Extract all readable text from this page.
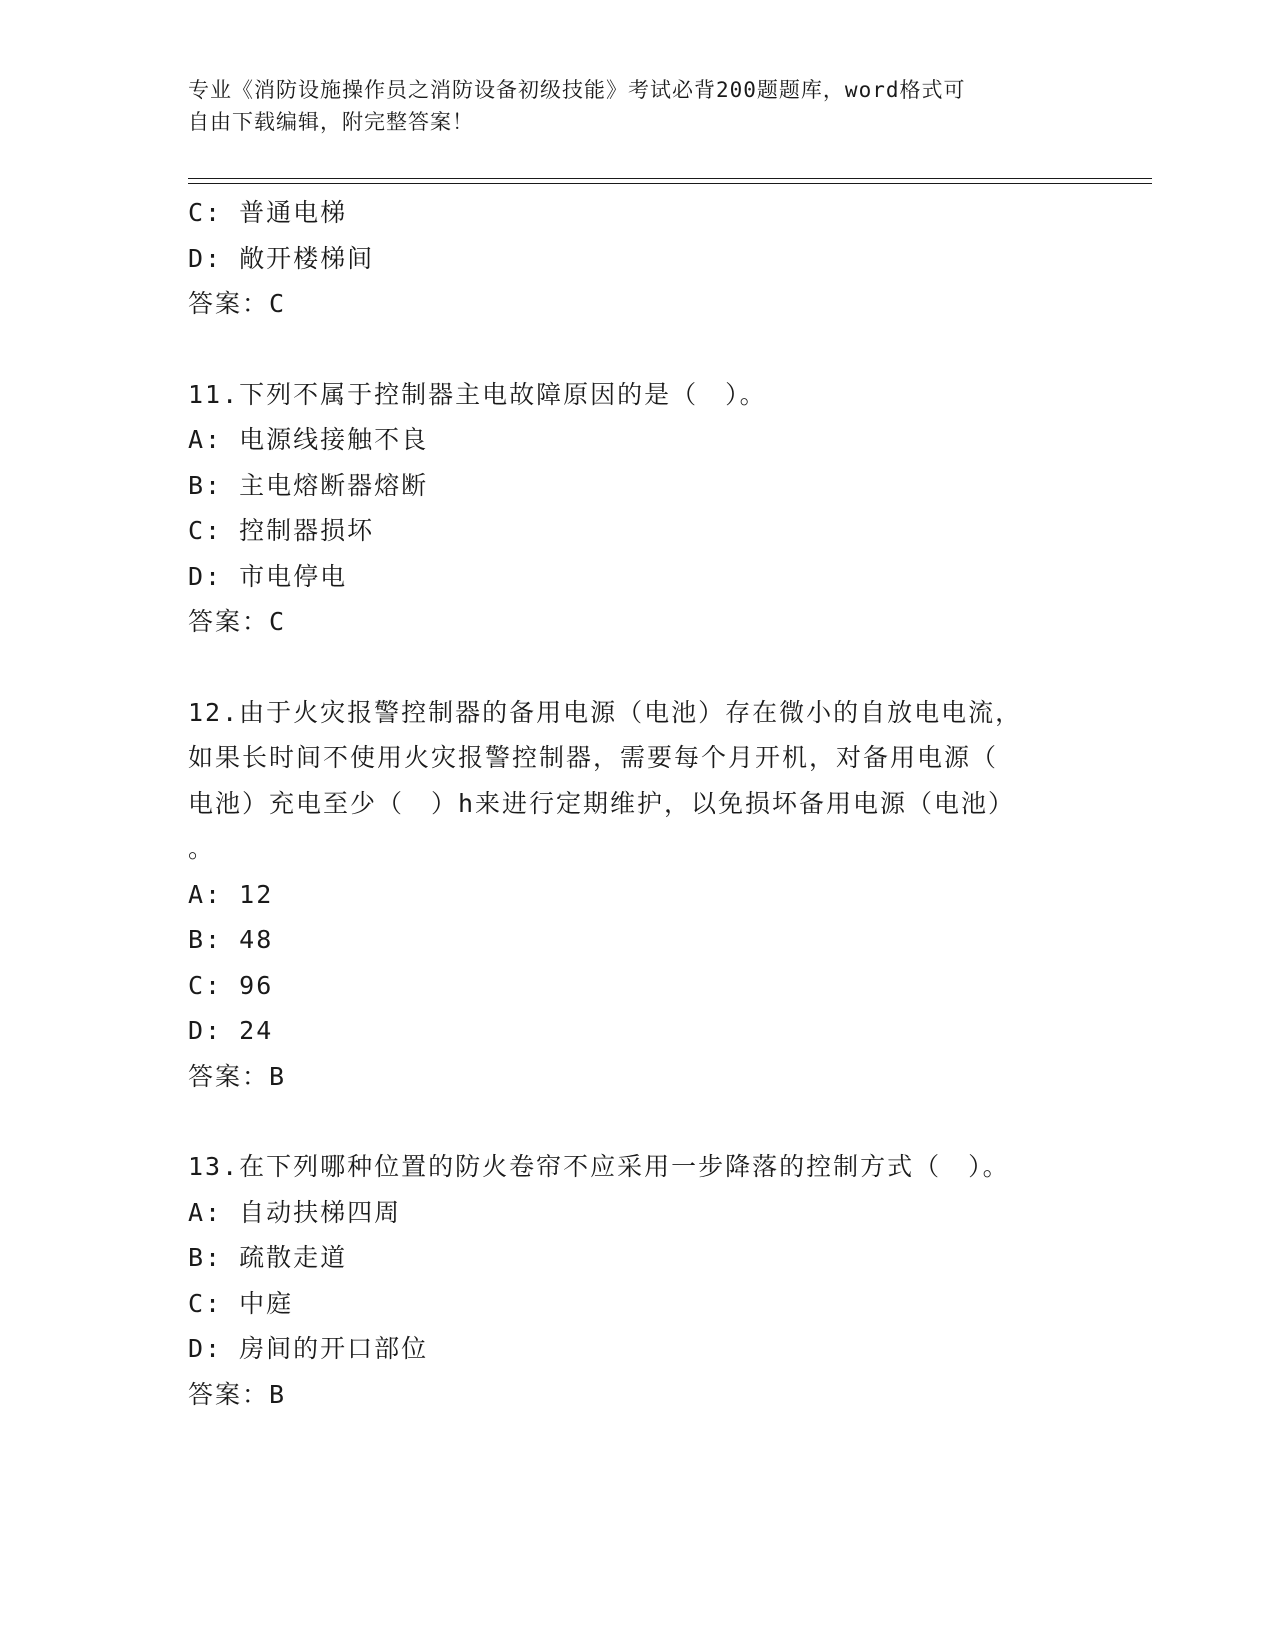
专业《消防设施操作员之消防设备初级技能》考试必背200题题库，word格式可
自由下载编辑，附完整答案！
C: 普通电梯
D: 敞开楼梯间
答案：C
11.下列不属于控制器主电故障原因的是（　）。
A: 电源线接触不良
B: 主电熔断器熔断
C: 控制器损坏
D: 市电停电
答案：C
12.由于火灾报警控制器的备用电源（电池）存在微小的自放电电流，
如果长时间不使用火灾报警控制器，需要每个月开机，对备用电源（
电池）充电至少（　）h来进行定期维护，以免损坏备用电源（电池）
。
A: 12
B: 48
C: 96
D: 24
答案：B
13.在下列哪种位置的防火卷帘不应采用一步降落的控制方式（　）。
A: 自动扶梯四周
B: 疏散走道
C: 中庭
D: 房间的开口部位
答案：B
